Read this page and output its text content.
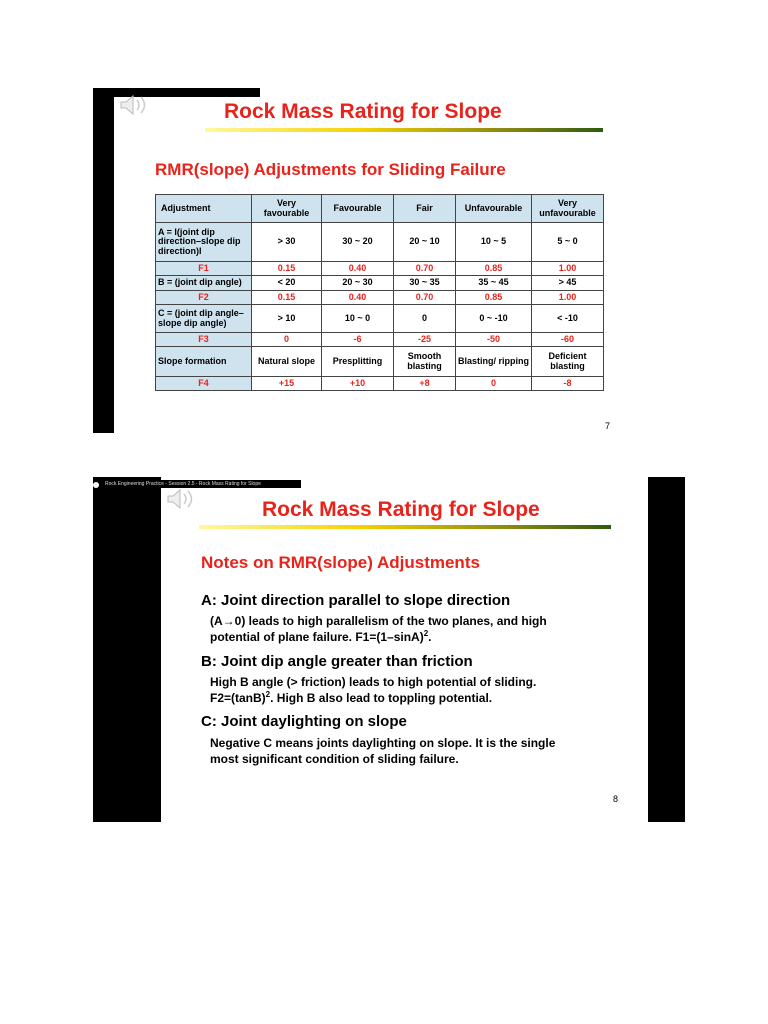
Rock Mass Rating for Slope
RMR(slope) Adjustments for Sliding Failure
Adjustment	Very favourable	Favourable	Fair	Unfavourable	Very unfavourable
A = I(joint dip direction–slope dip direction)I	> 30	30 ~ 20	20 ~ 10	10 ~ 5	5 ~ 0
F1	0.15	0.40	0.70	0.85	1.00
B = (joint dip angle)	< 20	20 ~ 30	30 ~ 35	35 ~ 45	> 45
F2	0.15	0.40	0.70	0.85	1.00
C = (joint dip angle–slope dip angle)	> 10	10 ~ 0	0	0 ~ -10	< -10
F3	0	-6	-25	-50	-60
Slope formation	Natural slope	Presplitting	Smooth blasting	Blasting/ ripping	Deficient blasting
F4	+15	+10	+8	0	-8
7
Rock Engineering Practice - Session 2.5 - Rock Mass Rating for Slope
Rock Mass Rating for Slope
Notes on RMR(slope) Adjustments
A: Joint direction parallel to slope direction
(A→0) leads to high parallelism of the two planes, and high
potential of plane failure. $F1=(1-\sin A)^2$.
B: Joint dip angle greater than friction
High B angle (> friction) leads to high potential of sliding.
$F2=(\tan B)^2$. High B also lead to toppling potential.
C: Joint daylighting on slope
Negative C means joints daylighting on slope. It is the single
most significant condition of sliding failure.
8
